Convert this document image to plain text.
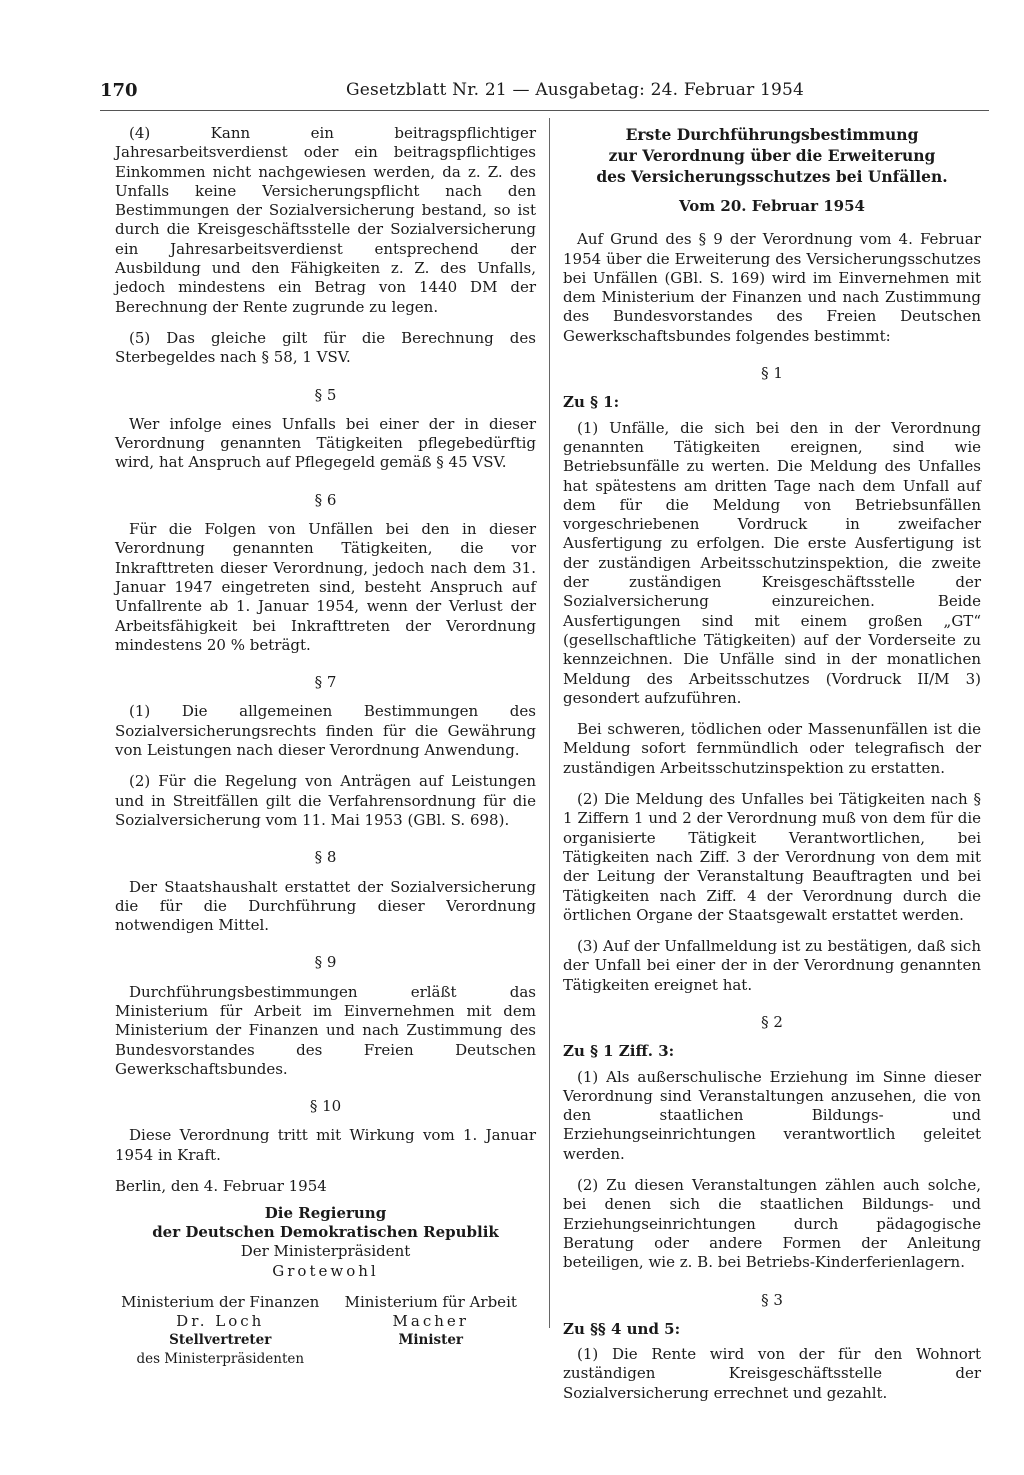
170	Gesetzblatt Nr. 21 — Ausgabetag: 24. Februar 1954

(4) Kann ein beitragspflichtiger Jahresarbeitsverdienst oder ein beitragspflichtiges Einkommen nicht nachgewiesen werden, da z. Z. des Unfalls keine Versicherungspflicht nach den Bestimmungen der Sozialversicherung bestand, so ist durch die Kreisgeschäftsstelle der Sozialversicherung ein Jahresarbeitsverdienst entsprechend der Ausbildung und den Fähigkeiten z. Z. des Unfalls, jedoch mindestens ein Betrag von 1440 DM der Berechnung der Rente zugrunde zu legen.

(5) Das gleiche gilt für die Berechnung des Sterbegeldes nach § 58, 1 VSV.

§ 5

Wer infolge eines Unfalls bei einer der in dieser Verordnung genannten Tätigkeiten pflegebedürftig wird, hat Anspruch auf Pflegegeld gemäß § 45 VSV.

§ 6

Für die Folgen von Unfällen bei den in dieser Verordnung genannten Tätigkeiten, die vor Inkrafttreten dieser Verordnung, jedoch nach dem 31. Januar 1947 eingetreten sind, besteht Anspruch auf Unfallrente ab 1. Januar 1954, wenn der Verlust der Arbeitsfähigkeit bei Inkrafttreten der Verordnung mindestens 20 % beträgt.

§ 7

(1) Die allgemeinen Bestimmungen des Sozialversicherungsrechts finden für die Gewährung von Leistungen nach dieser Verordnung Anwendung.

(2) Für die Regelung von Anträgen auf Leistungen und in Streitfällen gilt die Verfahrensordnung für die Sozialversicherung vom 11. Mai 1953 (GBl. S. 698).

§ 8

Der Staatshaushalt erstattet der Sozialversicherung die für die Durchführung dieser Verordnung notwendigen Mittel.

§ 9

Durchführungsbestimmungen erläßt das Ministerium für Arbeit im Einvernehmen mit dem Ministerium der Finanzen und nach Zustimmung des Bundesvorstandes des Freien Deutschen Gewerkschaftsbundes.

§ 10

Diese Verordnung tritt mit Wirkung vom 1. Januar 1954 in Kraft.

Berlin, den 4. Februar 1954
Die Regierung
der Deutschen Demokratischen Republik
Der Ministerpräsident
Grotewohl
Ministerium der Finanzen
Dr. Loch
Stellvertreter
des Ministerpräsidenten
Ministerium für Arbeit
Macher
Minister
Erste Durchführungsbestimmung
zur Verordnung über die Erweiterung
des Versicherungsschutzes bei Unfällen.
Vom 20. Februar 1954

Auf Grund des § 9 der Verordnung vom 4. Februar 1954 über die Erweiterung des Versicherungsschutzes bei Unfällen (GBl. S. 169) wird im Einvernehmen mit dem Ministerium der Finanzen und nach Zustimmung des Bundesvorstandes des Freien Deutschen Gewerkschaftsbundes folgendes bestimmt:

§ 1
Zu § 1:

(1) Unfälle, die sich bei den in der Verordnung genannten Tätigkeiten ereignen, sind wie Betriebsunfälle zu werten. Die Meldung des Unfalles hat spätestens am dritten Tage nach dem Unfall auf dem für die Meldung von Betriebsunfällen vorgeschriebenen Vordruck in zweifacher Ausfertigung zu erfolgen. Die erste Ausfertigung ist der zuständigen Arbeitsschutzinspektion, die zweite der zuständigen Kreisgeschäftsstelle der Sozialversicherung einzureichen. Beide Ausfertigungen sind mit einem großen „GT“ (gesellschaftliche Tätigkeiten) auf der Vorderseite zu kennzeichnen. Die Unfälle sind in der monatlichen Meldung des Arbeitsschutzes (Vordruck II/M 3) gesondert aufzuführen.

Bei schweren, tödlichen oder Massenunfällen ist die Meldung sofort fernmündlich oder telegrafisch der zuständigen Arbeitsschutzinspektion zu erstatten.

(2) Die Meldung des Unfalles bei Tätigkeiten nach § 1 Ziffern 1 und 2 der Verordnung muß von dem für die organisierte Tätigkeit Verantwortlichen, bei Tätigkeiten nach Ziff. 3 der Verordnung von dem mit der Leitung der Veranstaltung Beauftragten und bei Tätigkeiten nach Ziff. 4 der Verordnung durch die örtlichen Organe der Staatsgewalt erstattet werden.

(3) Auf der Unfallmeldung ist zu bestätigen, daß sich der Unfall bei einer der in der Verordnung genannten Tätigkeiten ereignet hat.

§ 2
Zu § 1 Ziff. 3:

(1) Als außerschulische Erziehung im Sinne dieser Verordnung sind Veranstaltungen anzusehen, die von den staatlichen Bildungs- und Erziehungseinrichtungen verantwortlich geleitet werden.

(2) Zu diesen Veranstaltungen zählen auch solche, bei denen sich die staatlichen Bildungs- und Erziehungseinrichtungen durch pädagogische Beratung oder andere Formen der Anleitung beteiligen, wie z. B. bei Betriebs-Kinderferienlagern.

§ 3
Zu §§ 4 und 5:

(1) Die Rente wird von der für den Wohnort zuständigen Kreisgeschäftsstelle der Sozialversicherung errechnet und gezahlt.
